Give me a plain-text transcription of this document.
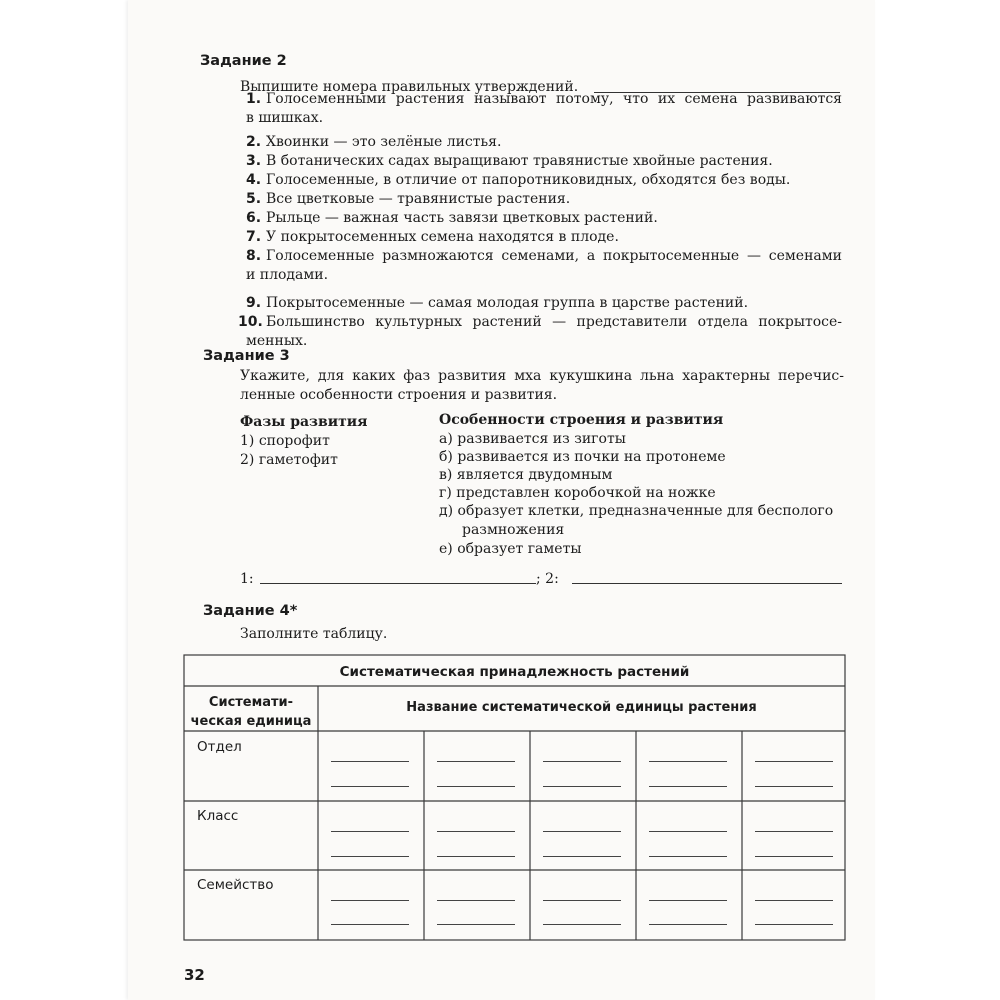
Задание 2
Выпишите номера правильных утверждений.
1. Голосеменными растения называют потому, что их семена развиваются
в шишках.
2. Хвоинки — это зелёные листья.
3. В ботанических садах выращивают травянистые хвойные растения.
4. Голосеменные, в отличие от папоротниковидных, обходятся без воды.
5. Все цветковые — травянистые растения.
6. Рыльце — важная часть завязи цветковых растений.
7. У покрытосеменных семена находятся в плоде.
8. Голосеменные размножаются семенами, а покрытосеменные — семенами
и плодами.
9. Покрытосеменные — самая молодая группа в царстве растений.
10. Большинство культурных растений — представители отдела покрытосе-
менных.
Задание 3
Укажите, для каких фаз развития мха кукушкина льна характерны перечис-
ленные особенности строения и развития.
Фазы развития
1) спорофит
2) гаметофит
Особенности строения и развития
а) развивается из зиготы
б) развивается из почки на протонеме
в) является двудомным
г) представлен коробочкой на ножке
д) образует клетки, предназначенные для бесполого
размножения
е) образует гаметы
1:	; 2:
Задание 4*
Заполните таблицу.
Систематическая принадлежность растений
Системати-
ческая единица
Название систематической единицы растения
Отдел
Класс
Семейство
32
